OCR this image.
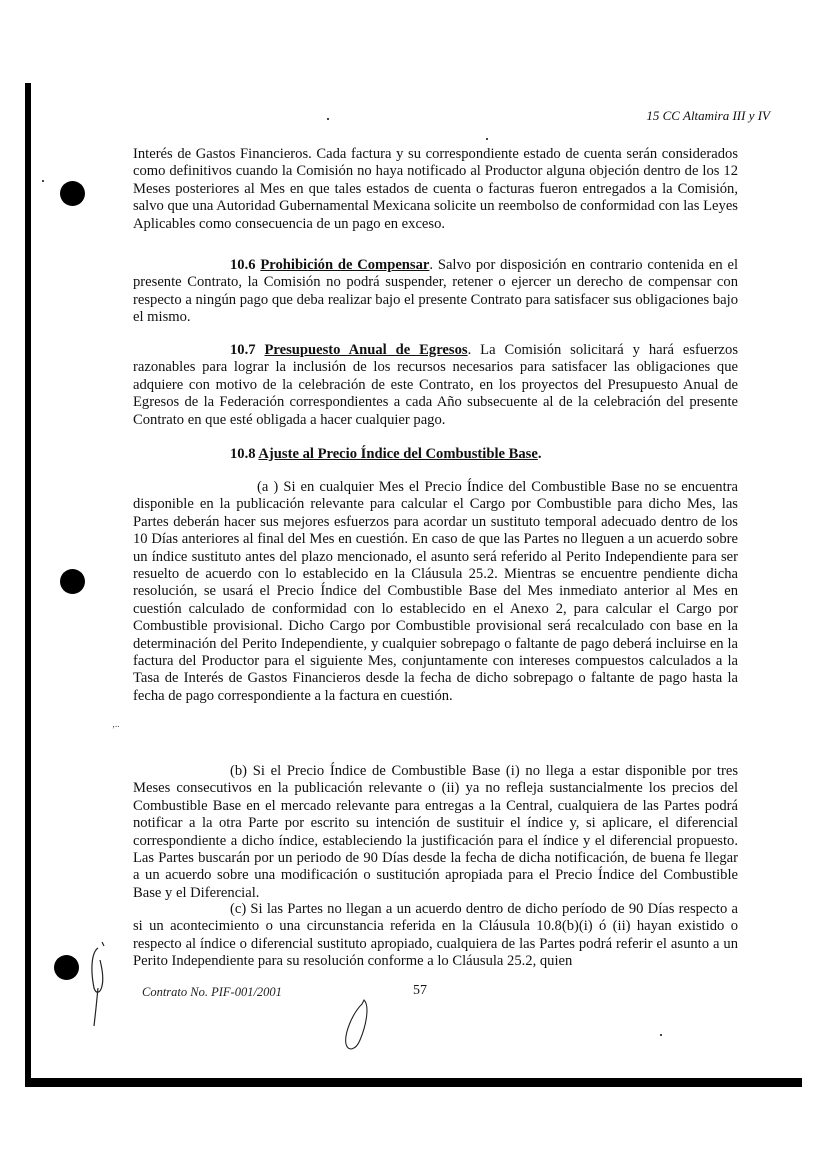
15 CC Altamira III y IV
Interés de Gastos Financieros. Cada factura y su correspondiente estado de cuenta serán considerados como definitivos cuando la Comisión no haya notificado al Productor alguna objeción dentro de los 12 Meses posteriores al Mes en que tales estados de cuenta o facturas fueron entregados a la Comisión, salvo que una Autoridad Gubernamental Mexicana solicite un reembolso de conformidad con las Leyes Aplicables como consecuencia de un pago en exceso.
10.6 Prohibición de Compensar. Salvo por disposición en contrario contenida en el presente Contrato, la Comisión no podrá suspender, retener o ejercer un derecho de compensar con respecto a ningún pago que deba realizar bajo el presente Contrato para satisfacer sus obligaciones bajo el mismo.
10.7 Presupuesto Anual de Egresos. La Comisión solicitará y hará esfuerzos razonables para lograr la inclusión de los recursos necesarios para satisfacer las obligaciones que adquiere con motivo de la celebración de este Contrato, en los proyectos del Presupuesto Anual de Egresos de la Federación correspondientes a cada Año subsecuente al de la celebración del presente Contrato en que esté obligada a hacer cualquier pago.
10.8 Ajuste al Precio Índice del Combustible Base.
(a ) Si en cualquier Mes el Precio Índice del Combustible Base no se encuentra disponible en la publicación relevante para calcular el Cargo por Combustible para dicho Mes, las Partes deberán hacer sus mejores esfuerzos para acordar un sustituto temporal adecuado dentro de los 10 Días anteriores al final del Mes en cuestión. En caso de que las Partes no lleguen a un acuerdo sobre un índice sustituto antes del plazo mencionado, el asunto será referido al Perito Independiente para ser resuelto de acuerdo con lo establecido en la Cláusula 25.2. Mientras se encuentre pendiente dicha resolución, se usará el Precio Índice del Combustible Base del Mes inmediato anterior al Mes en cuestión calculado de conformidad con lo establecido en el Anexo 2, para calcular el Cargo por Combustible provisional. Dicho Cargo por Combustible provisional será recalculado con base en la determinación del Perito Independiente, y cualquier sobrepago o faltante de pago deberá incluirse en la factura del Productor para el siguiente Mes, conjuntamente con intereses compuestos calculados a la Tasa de Interés de Gastos Financieros desde la fecha de dicho sobrepago o faltante de pago hasta la fecha de pago correspondiente a la factura en cuestión.
‚..
(b) Si el Precio Índice de Combustible Base (i) no llega a estar disponible por tres Meses consecutivos en la publicación relevante o (ii) ya no refleja sustancialmente los precios del Combustible Base en el mercado relevante para entregas a la Central, cualquiera de las Partes podrá notificar a la otra Parte por escrito su intención de sustituir el índice y, si aplicare, el diferencial correspondiente a dicho índice, estableciendo la justificación para el índice y el diferencial propuesto. Las Partes buscarán por un periodo de 90 Días desde la fecha de dicha notificación, de buena fe llegar a un acuerdo sobre una modificación o sustitución apropiada para el Precio Índice del Combustible Base y el Diferencial.
(c) Si las Partes no llegan a un acuerdo dentro de dicho período de 90 Días respecto a si un acontecimiento o una circunstancia referida en la Cláusula 10.8(b)(i) ó (ii) hayan existido o respecto al índice o diferencial sustituto apropiado, cualquiera de las Partes podrá referir el asunto a un Perito Independiente para su resolución conforme a lo Cláusula 25.2, quien
Contrato No. PIF-001/2001	57
